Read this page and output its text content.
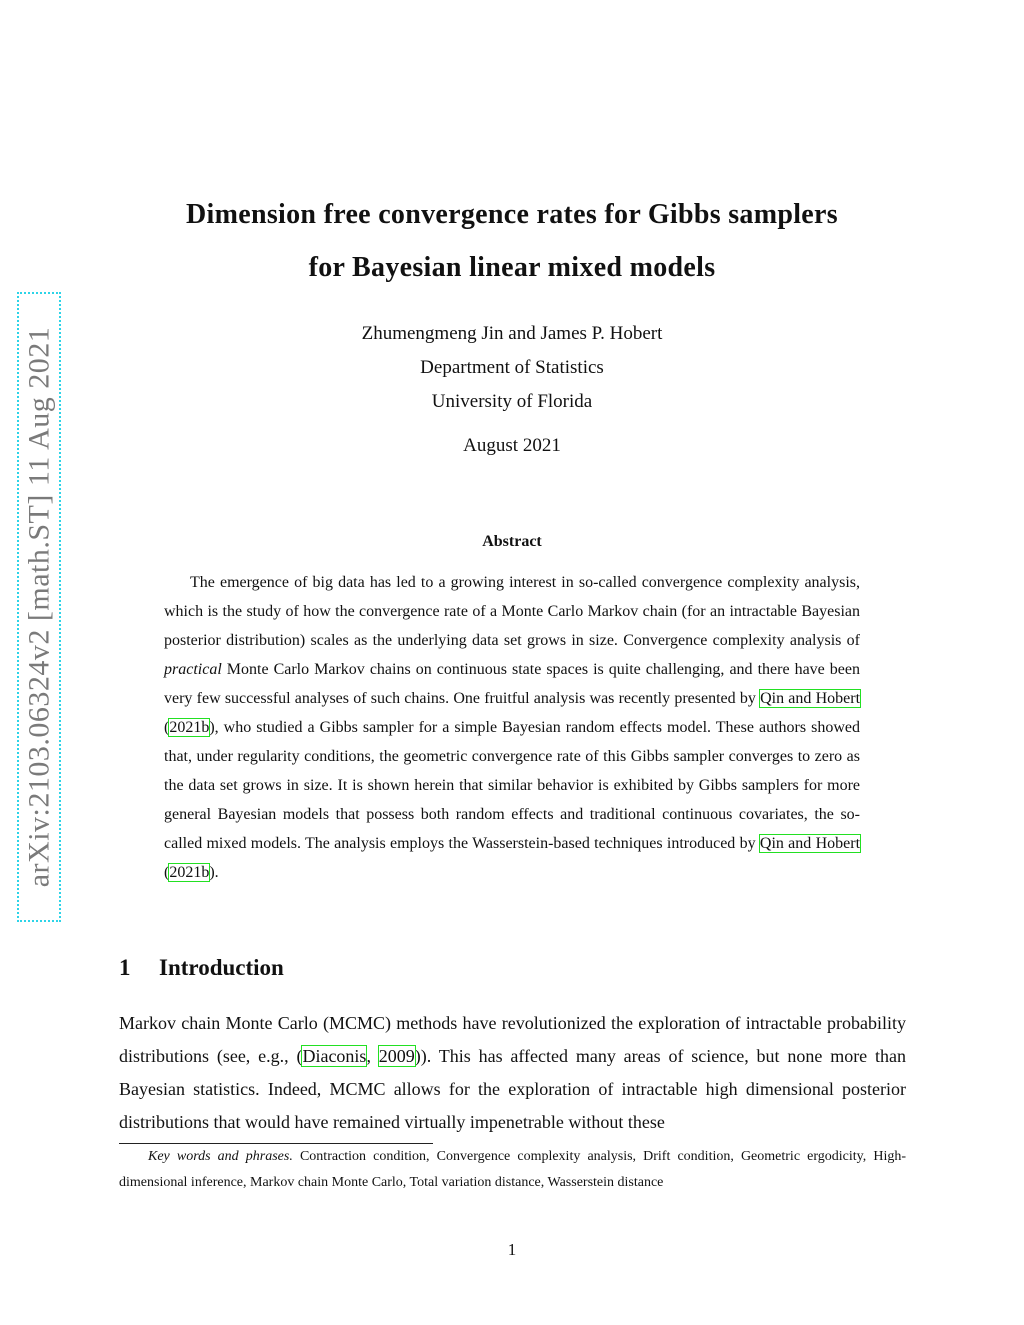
arXiv:2103.06324v2 [math.ST] 11 Aug 2021
Dimension free convergence rates for Gibbs samplers
for Bayesian linear mixed models
Zhumengmeng Jin and James P. Hobert
Department of Statistics
University of Florida
August 2021
Abstract

The emergence of big data has led to a growing interest in so-called convergence complexity analysis, which is the study of how the convergence rate of a Monte Carlo Markov chain (for an intractable Bayesian posterior distribution) scales as the underlying data set grows in size. Convergence complexity analysis of practical Monte Carlo Markov chains on continuous state spaces is quite challenging, and there have been very few successful analyses of such chains. One fruitful analysis was recently presented by Qin and Hobert (2021b), who studied a Gibbs sampler for a simple Bayesian random effects model. These authors showed that, under regularity conditions, the geometric convergence rate of this Gibbs sampler converges to zero as the data set grows in size. It is shown herein that similar behavior is exhibited by Gibbs samplers for more general Bayesian models that possess both random effects and traditional continuous covariates, the so-called mixed models. The analysis employs the Wasserstein-based techniques introduced by Qin and Hobert (2021b).

1 Introduction

Markov chain Monte Carlo (MCMC) methods have revolutionized the exploration of intractable probability distributions (see, e.g., (Diaconis, 2009)). This has affected many areas of science, but none more than Bayesian statistics. Indeed, MCMC allows for the exploration of intractable high dimensional posterior distributions that would have remained virtually impenetrable without these

Key words and phrases. Contraction condition, Convergence complexity analysis, Drift condition, Geometric ergodicity, High-dimensional inference, Markov chain Monte Carlo, Total variation distance, Wasserstein distance

1
